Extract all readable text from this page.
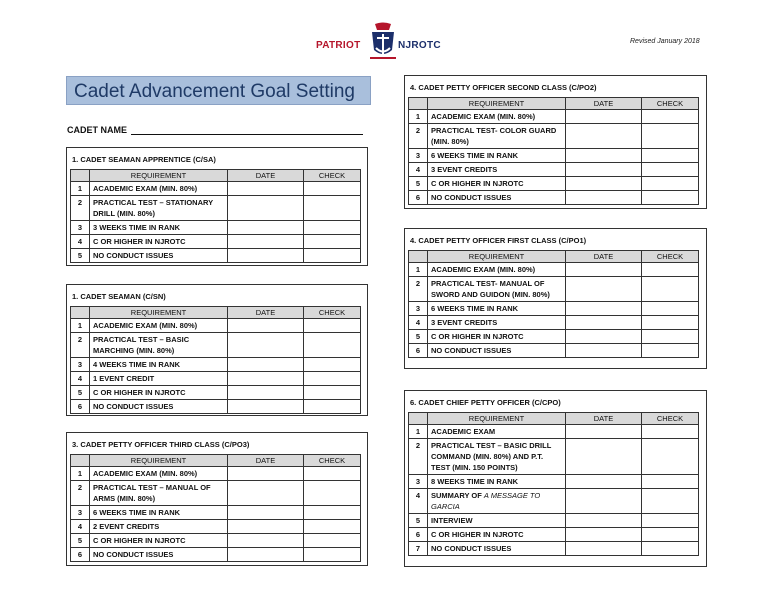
PATRIOT	NJROTC	Revised January 2018
Cadet Advancement Goal Setting
CADET NAME
1. CADET SEAMAN APPRENTICE (C/SA)
	REQUIREMENT	DATE	CHECK
1	ACADEMIC EXAM (MIN. 80%)		
2	PRACTICAL TEST – STATIONARY DRILL (MIN. 80%)		
3	3 WEEKS TIME IN RANK		
4	C OR HIGHER IN NJROTC		
5	NO CONDUCT ISSUES		
1. CADET SEAMAN (C/SN)
	REQUIREMENT	DATE	CHECK
1	ACADEMIC EXAM (MIN. 80%)		
2	PRACTICAL TEST – BASIC MARCHING (MIN. 80%)		
3	4 WEEKS TIME IN RANK		
4	1 EVENT CREDIT		
5	C OR HIGHER IN NJROTC		
6	NO CONDUCT ISSUES		
3. CADET PETTY OFFICER THIRD CLASS (C/PO3)
	REQUIREMENT	DATE	CHECK
1	ACADEMIC EXAM (MIN. 80%)		
2	PRACTICAL TEST – MANUAL OF ARMS (MIN. 80%)		
3	6 WEEKS TIME IN RANK		
4	2 EVENT CREDITS		
5	C OR HIGHER IN NJROTC		
6	NO CONDUCT ISSUES		
4. CADET PETTY OFFICER SECOND CLASS (C/PO2)
	REQUIREMENT	DATE	CHECK
1	ACADEMIC EXAM (MIN. 80%)		
2	PRACTICAL TEST- COLOR GUARD (MIN. 80%)		
3	6 WEEKS TIME IN RANK		
4	3 EVENT CREDITS		
5	C OR HIGHER IN NJROTC		
6	NO CONDUCT ISSUES		
4. CADET PETTY OFFICER FIRST CLASS (C/PO1)
	REQUIREMENT	DATE	CHECK
1	ACADEMIC EXAM (MIN. 80%)		
2	PRACTICAL TEST- MANUAL OF SWORD AND GUIDON (MIN. 80%)		
3	6 WEEKS TIME IN RANK		
4	3 EVENT CREDITS		
5	C OR HIGHER IN NJROTC		
6	NO CONDUCT ISSUES		
6. CADET CHIEF PETTY OFFICER (C/CPO)
	REQUIREMENT	DATE	CHECK
1	ACADEMIC EXAM		
2	PRACTICAL TEST – BASIC DRILL COMMAND (MIN. 80%) AND P.T. TEST (MIN. 150 POINTS)		
3	8 WEEKS TIME IN RANK		
4	SUMMARY OF A MESSAGE TO GARCIA		
5	INTERVIEW		
6	C OR HIGHER IN NJROTC		
7	NO CONDUCT ISSUES		
